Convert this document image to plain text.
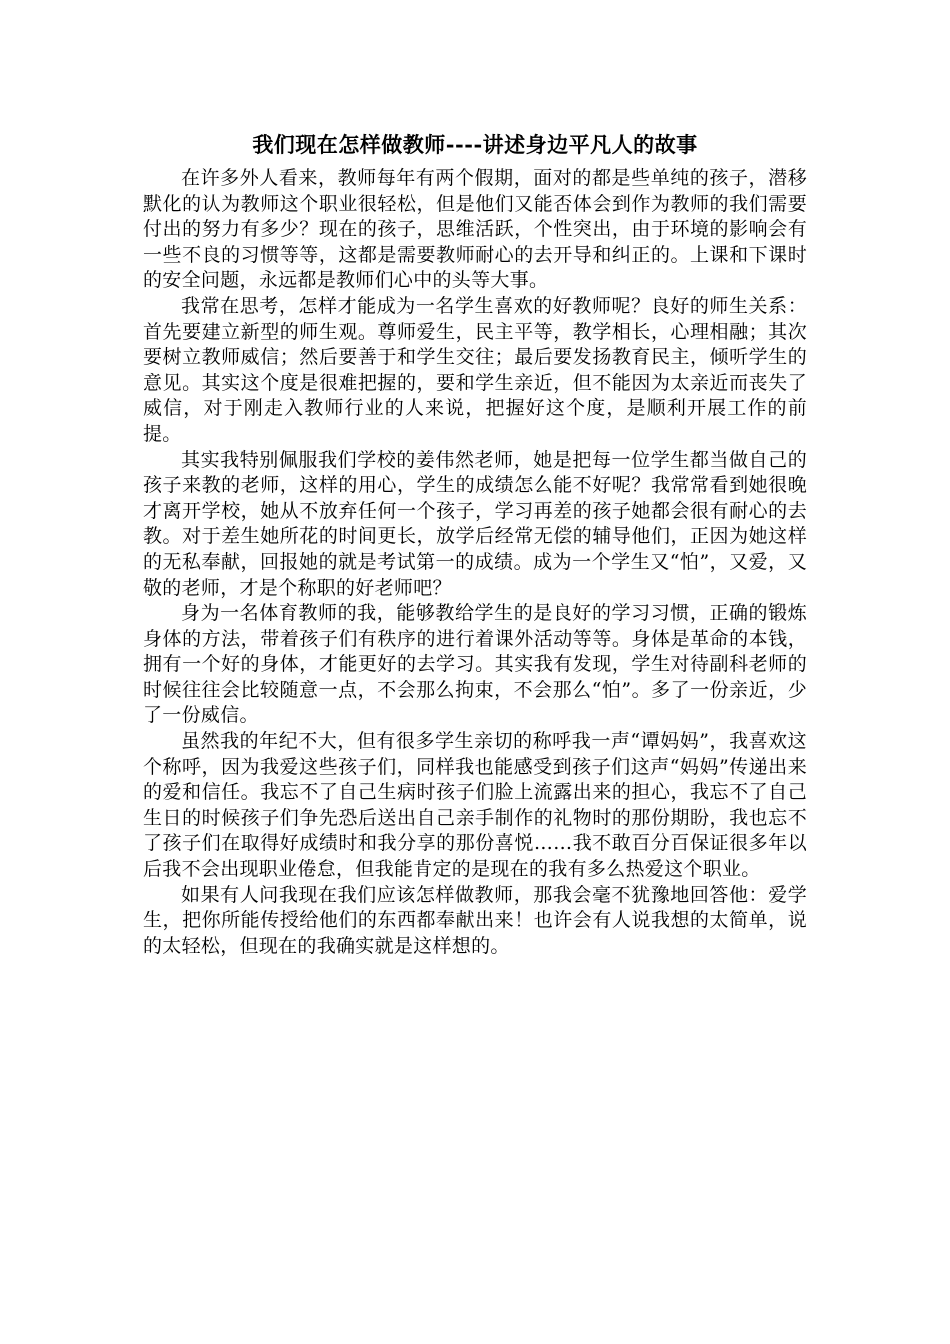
我们现在怎样做教师----讲述身边平凡人的故事

在许多外人看来，教师每年有两个假期，面对的都是些单纯的孩子，潜移默化的认为教师这个职业很轻松，但是他们又能否体会到作为教师的我们需要付出的努力有多少？现在的孩子，思维活跃，个性突出，由于环境的影响会有一些不良的习惯等等，这都是需要教师耐心的去开导和纠正的。上课和下课时的安全问题，永远都是教师们心中的头等大事。

我常在思考，怎样才能成为一名学生喜欢的好教师呢？良好的师生关系：首先要建立新型的师生观。尊师爱生，民主平等，教学相长，心理相融；其次要树立教师威信；然后要善于和学生交往；最后要发扬教育民主，倾听学生的意见。其实这个度是很难把握的，要和学生亲近，但不能因为太亲近而丧失了威信，对于刚走入教师行业的人来说，把握好这个度，是顺利开展工作的前提。

其实我特别佩服我们学校的姜伟然老师，她是把每一位学生都当做自己的孩子来教的老师，这样的用心，学生的成绩怎么能不好呢？我常常看到她很晚才离开学校，她从不放弃任何一个孩子，学习再差的孩子她都会很有耐心的去教。对于差生她所花的时间更长，放学后经常无偿的辅导他们，正因为她这样的无私奉献，回报她的就是考试第一的成绩。成为一个学生又“怕”，又爱，又敬的老师，才是个称职的好老师吧？

身为一名体育教师的我，能够教给学生的是良好的学习习惯，正确的锻炼身体的方法，带着孩子们有秩序的进行着课外活动等等。身体是革命的本钱，拥有一个好的身体，才能更好的去学习。其实我有发现，学生对待副科老师的时候往往会比较随意一点，不会那么拘束，不会那么“怕”。多了一份亲近，少了一份威信。

虽然我的年纪不大，但有很多学生亲切的称呼我一声“谭妈妈”，我喜欢这个称呼，因为我爱这些孩子们，同样我也能感受到孩子们这声“妈妈”传递出来的爱和信任。我忘不了自己生病时孩子们脸上流露出来的担心，我忘不了自己生日的时候孩子们争先恐后送出自己亲手制作的礼物时的那份期盼，我也忘不了孩子们在取得好成绩时和我分享的那份喜悦……我不敢百分百保证很多年以后我不会出现职业倦怠，但我能肯定的是现在的我有多么热爱这个职业。

如果有人问我现在我们应该怎样做教师，那我会毫不犹豫地回答他：爱学生，把你所能传授给他们的东西都奉献出来！也许会有人说我想的太简单，说的太轻松，但现在的我确实就是这样想的。
